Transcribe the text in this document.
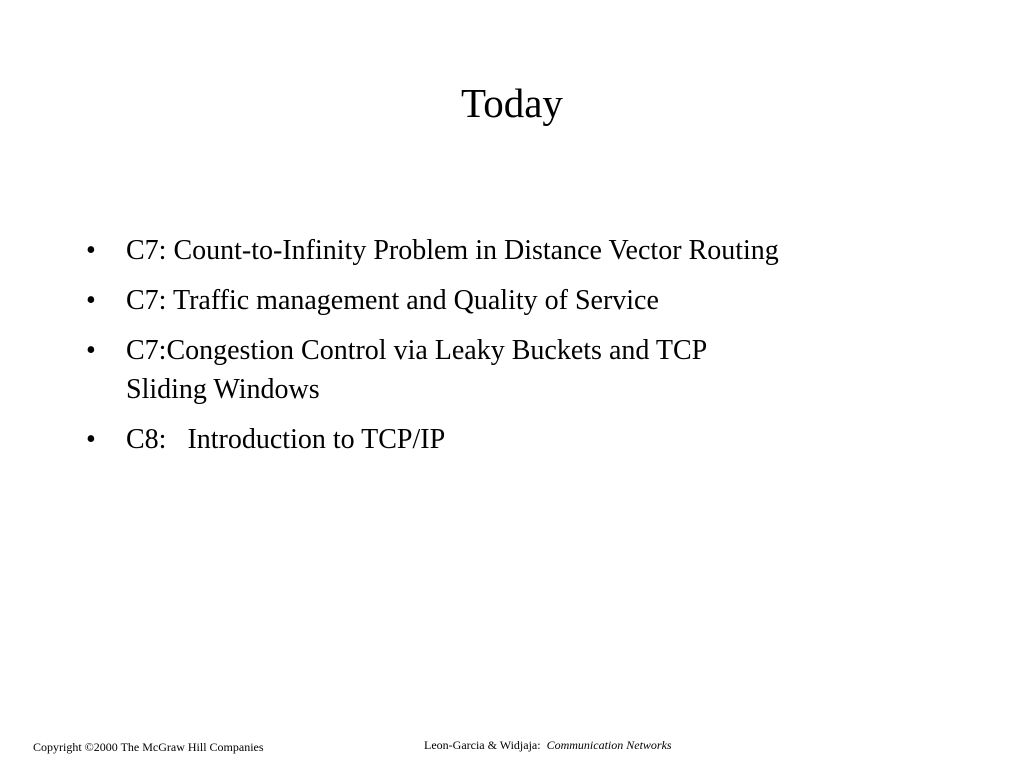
Today
•	C7: Count-to-Infinity Problem in Distance Vector Routing
•	C7: Traffic management and Quality of Service
•	C7:Congestion Control via Leaky Buckets and TCP
Sliding Windows
•	C8:   Introduction to TCP/IP
Copyright ©2000 The McGraw Hill Companies	Leon-Garcia & Widjaja: Communication Networks
